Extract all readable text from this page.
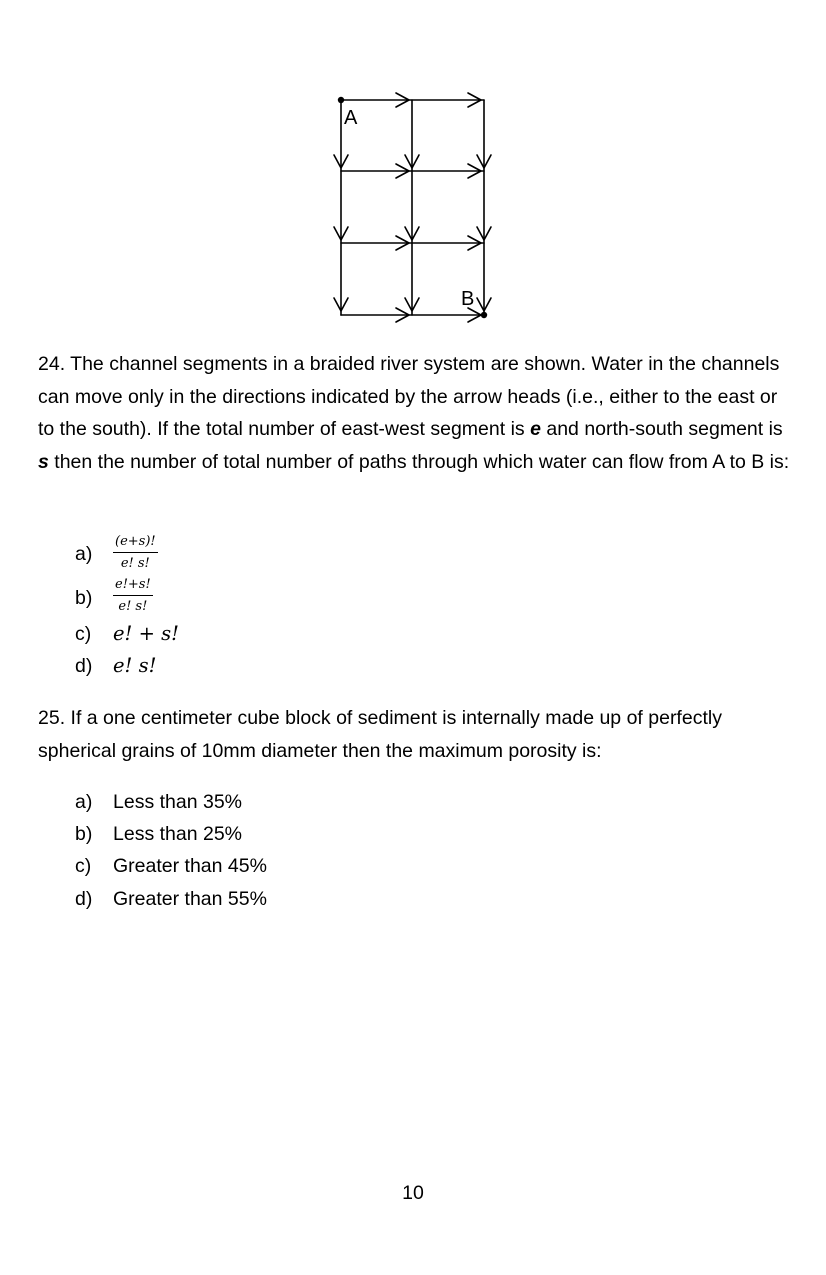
A
B

24. The channel segments in a braided river system are shown. Water in the channels can move only in the directions indicated by the arrow heads (i.e., either to the east or to the south). If the total number of east-west segment is e and north-south segment is s then the number of total number of paths through which water can flow from A to B is:

a)	$\frac{(e+s)!}{e! s!}$
b)	$\frac{e!+s!}{e! s!}$
c) e! + s!
d) e! s!

25. If a one centimeter cube block of sediment is internally made up of perfectly spherical grains of 10mm diameter then the maximum porosity is:

a) Less than 35%
b) Less than 25%
c) Greater than 45%
d) Greater than 55%
10
